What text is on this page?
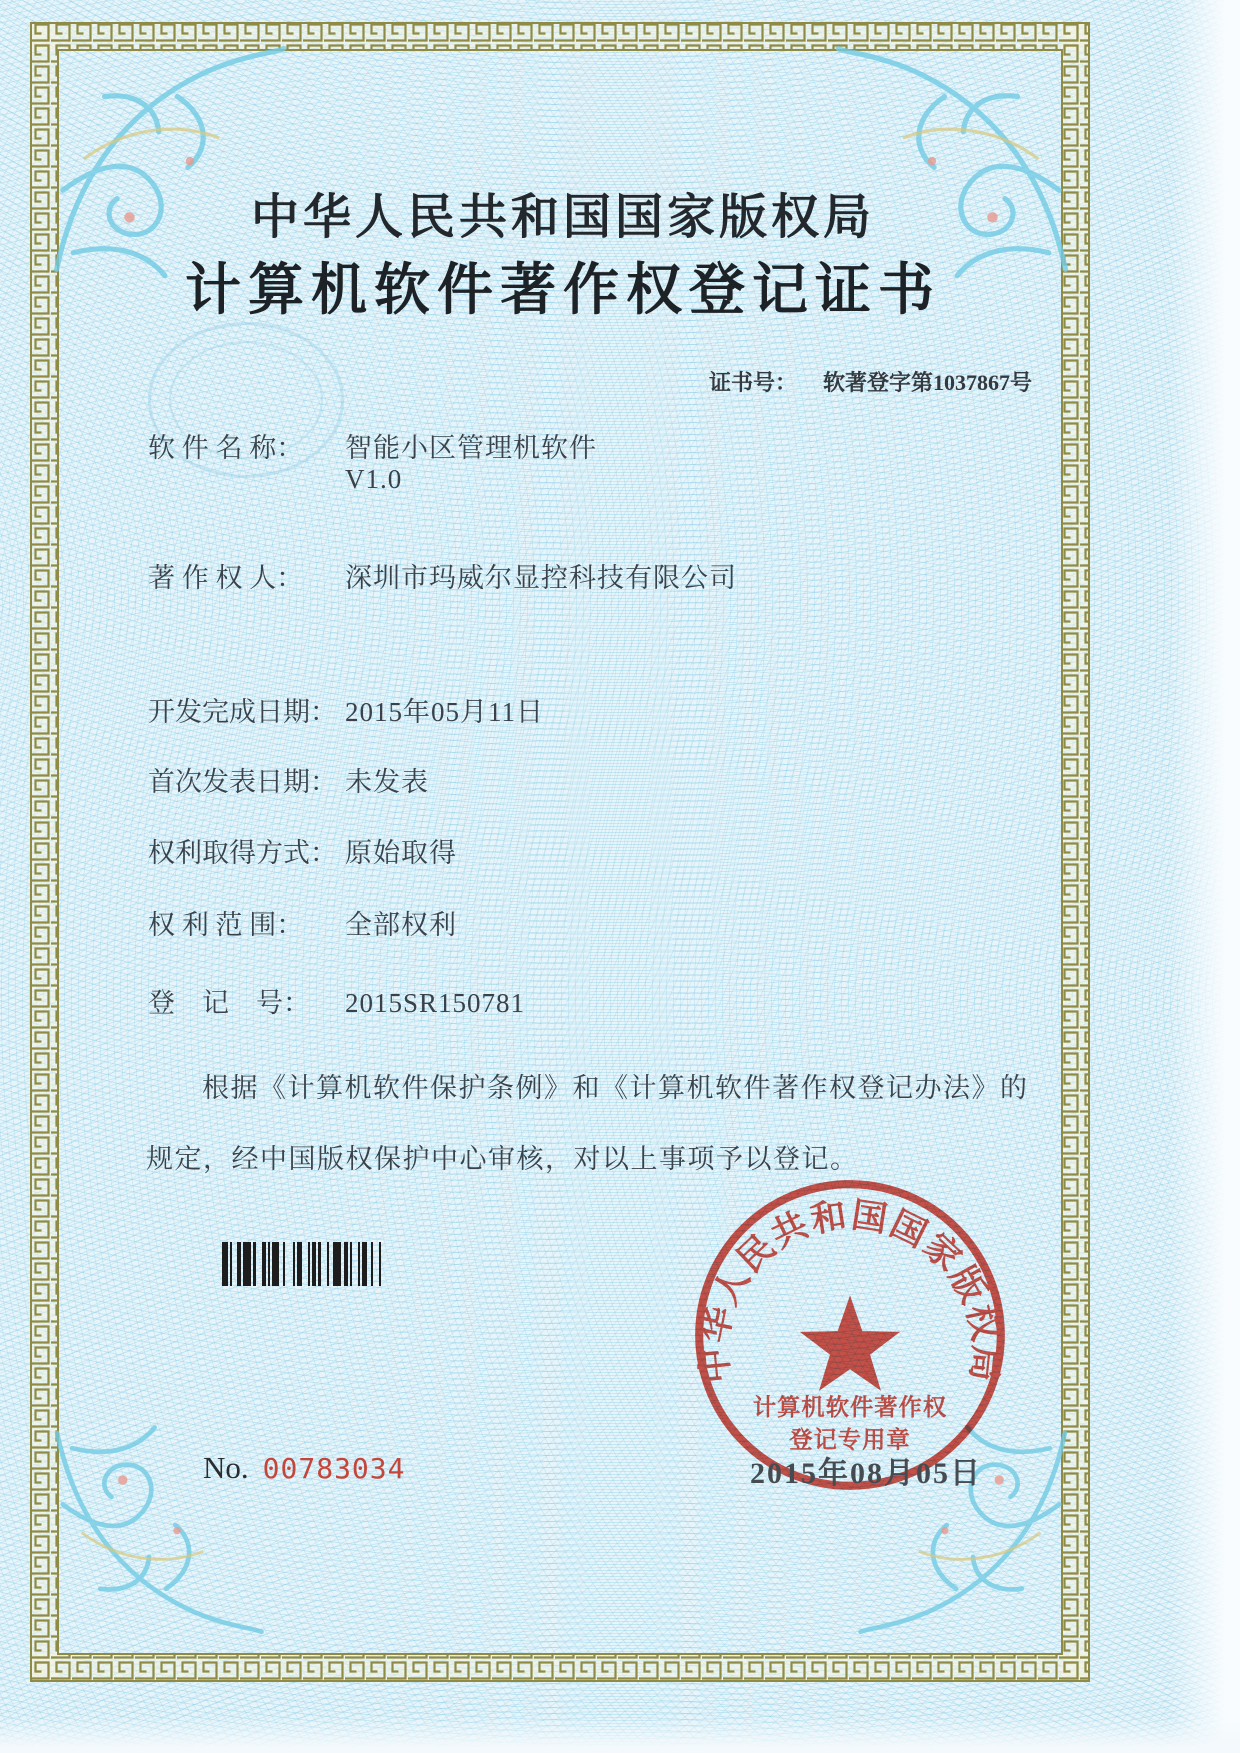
中华人民共和国国家版权局
计算机软件著作权登记证书
证书号： 软著登字第1037867号
软 件 名 称： 智能小区管理机软件
V1.0
著 作 权 人： 深圳市玛威尔显控科技有限公司
开发完成日期： 2015年05月11日
首次发表日期： 未发表
权利取得方式： 原始取得
权 利 范 围： 全部权利
登　记　号： 2015SR150781
根据《计算机软件保护条例》和《计算机软件著作权登记办法》的
规定，经中国版权保护中心审核，对以上事项予以登记。
No. 00783034
中华人民共和国国家版权局
计算机软件著作权
登记专用章
2015年08月05日
